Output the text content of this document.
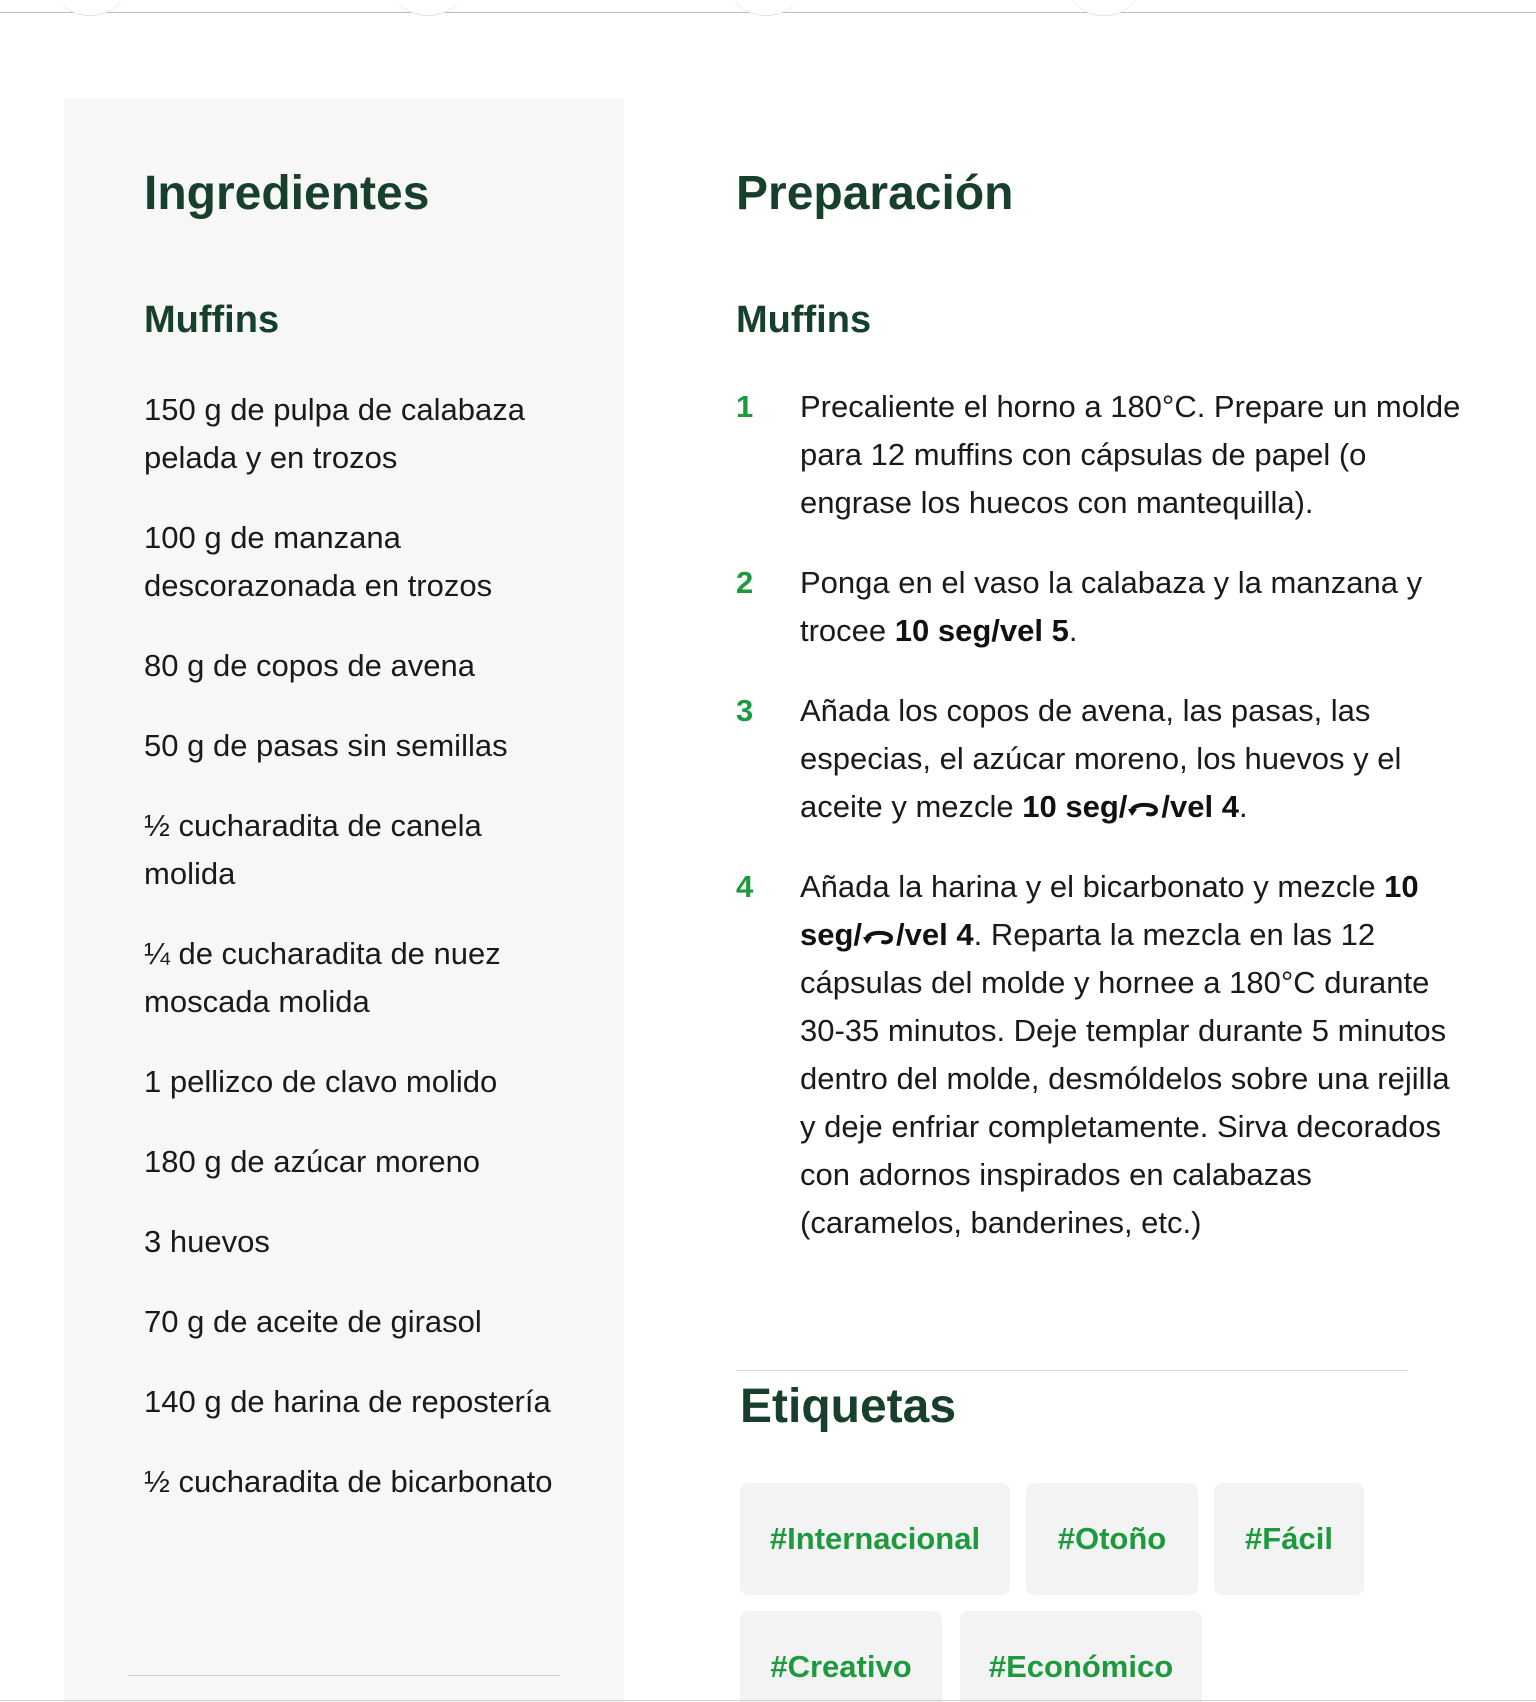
Ingredientes
Muffins
150 g de pulpa de calabaza pelada y en trozos
100 g de manzana descorazonada en trozos
80 g de copos de avena
50 g de pasas sin semillas
½ cucharadita de canela molida
¼ de cucharadita de nuez moscada molida
1 pellizco de clavo molido
180 g de azúcar moreno
3 huevos
70 g de aceite de girasol
140 g de harina de repostería
½ cucharadita de bicarbonato
Preparación
Muffins
1	Precaliente el horno a 180°C. Prepare un molde para 12 muffins con cápsulas de papel (o engrase los huecos con mantequilla).
2	Ponga en el vaso la calabaza y la manzana y trocee 10 seg/vel 5.
3	Añada los copos de avena, las pasas, las especias, el azúcar moreno, los huevos y el aceite y mezcle 10 seg/ /vel 4.
4	Añada la harina y el bicarbonato y mezcle 10 seg/ /vel 4. Reparta la mezcla en las 12 cápsulas del molde y hornee a 180°C durante 30-35 minutos. Deje templar durante 5 minutos dentro del molde, desmóldelos sobre una rejilla y deje enfriar completamente. Sirva decorados con adornos inspirados en calabazas (caramelos, banderines, etc.)
Etiquetas
#Internacional	#Otoño	#Fácil
#Creativo	#Económico
